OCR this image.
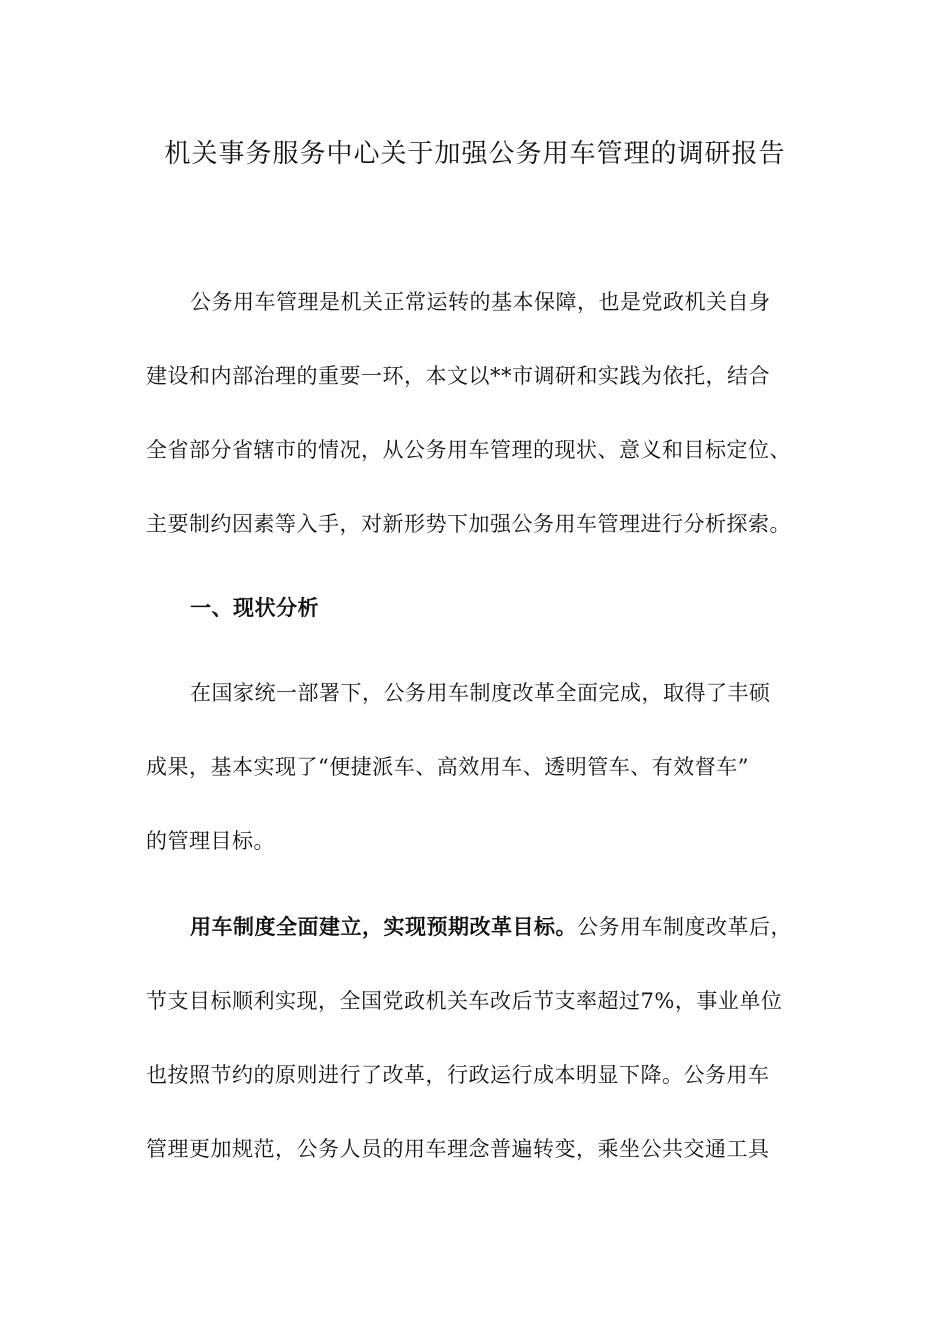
机关事务服务中心关于加强公务用车管理的调研报告
公务用车管理是机关正常运转的基本保障，也是党政机关自身
建设和内部治理的重要一环，本文以**市调研和实践为依托，结合
全省部分省辖市的情况，从公务用车管理的现状、意义和目标定位、
主要制约因素等入手，对新形势下加强公务用车管理进行分析探索。
一、现状分析
在国家统一部署下，公务用车制度改革全面完成，取得了丰硕
成果，基本实现了“便捷派车、高效用车、透明管车、有效督车”
的管理目标。
用车制度全面建立，实现预期改革目标。公务用车制度改革后，
节支目标顺利实现，全国党政机关车改后节支率超过7%，事业单位
也按照节约的原则进行了改革，行政运行成本明显下降。公务用车
管理更加规范，公务人员的用车理念普遍转变，乘坐公共交通工具
